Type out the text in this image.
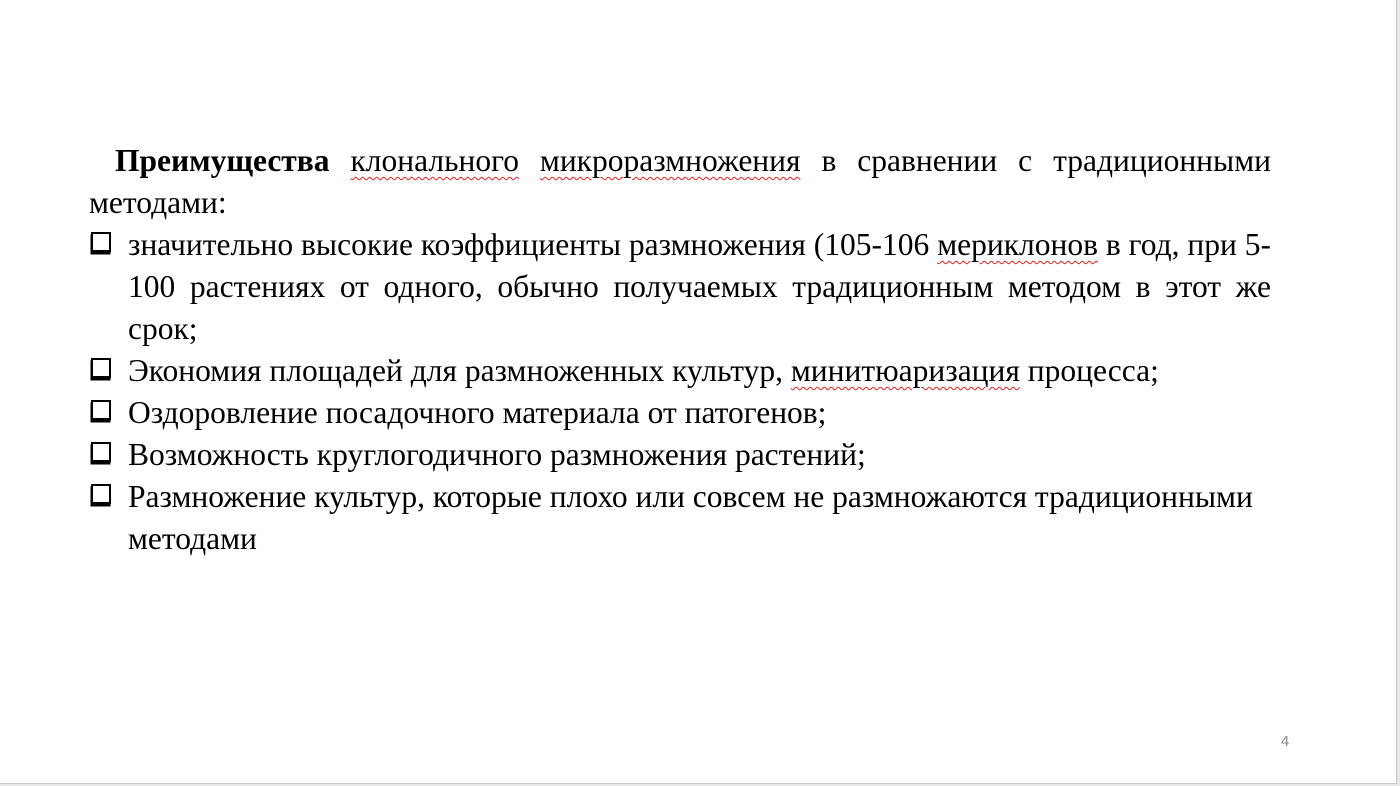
Преимущества клонального микроразмножения в сравнении с традиционными методами:

значительно высокие коэффициенты размножения (105-106 мериклонов в год, при 5-100 растениях от одного, обычно получаемых традиционным методом в этот же срок;
Экономия площадей для размноженных культур, минитюаризация процесса;
Оздоровление посадочного материала от патогенов;
Возможность круглогодичного размножения растений;
Размножение культур, которые плохо или совсем не размножаются традиционными методами
4
